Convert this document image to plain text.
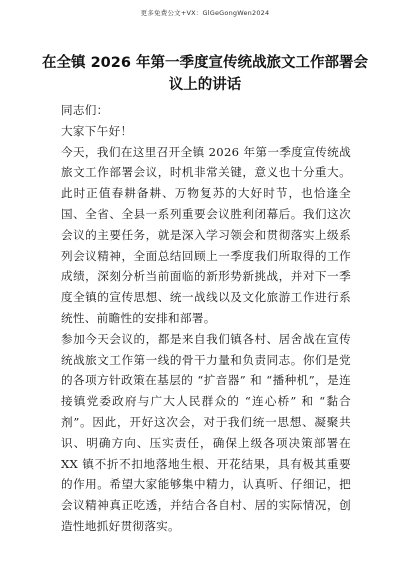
更多免费公文+VX：GlGeGongWen2024
在全镇 2026 年第一季度宣传统战旅文工作部署会议上的讲话

同志们：

大家下午好！

今天，我们在这里召开全镇 2026 年第一季度宣传统战旅文工作部署会议，时机非常关键，意义也十分重大。此时正值春耕备耕、万物复苏的大好时节，也恰逢全国、全省、全县一系列重要会议胜利闭幕后。我们这次会议的主要任务，就是深入学习领会和贯彻落实上级系列会议精神，全面总结回顾上一季度我们所取得的工作成绩，深刻分析当前面临的新形势新挑战，并对下一季度全镇的宣传思想、统一战线以及文化旅游工作进行系统性、前瞻性的安排和部署。

参加今天会议的，都是来自我们镇各村、居舍战在宣传统战旅文工作第一线的骨干力量和负责同志。你们是党的各项方针政策在基层的 “扩音器” 和 “播种机”，是连接镇党委政府与广大人民群众的 “连心桥” 和 “黏合剂”。因此，开好这次会，对于我们统一思想、凝聚共识、明确方向、压实责任，确保上级各项决策部署在 XX 镇不折不扣地落地生根、开花结果，具有极其重要的作用。希望大家能够集中精力，认真听、仔细记，把会议精神真正吃透，并结合各自村、居的实际情况，创造性地抓好贯彻落实。
